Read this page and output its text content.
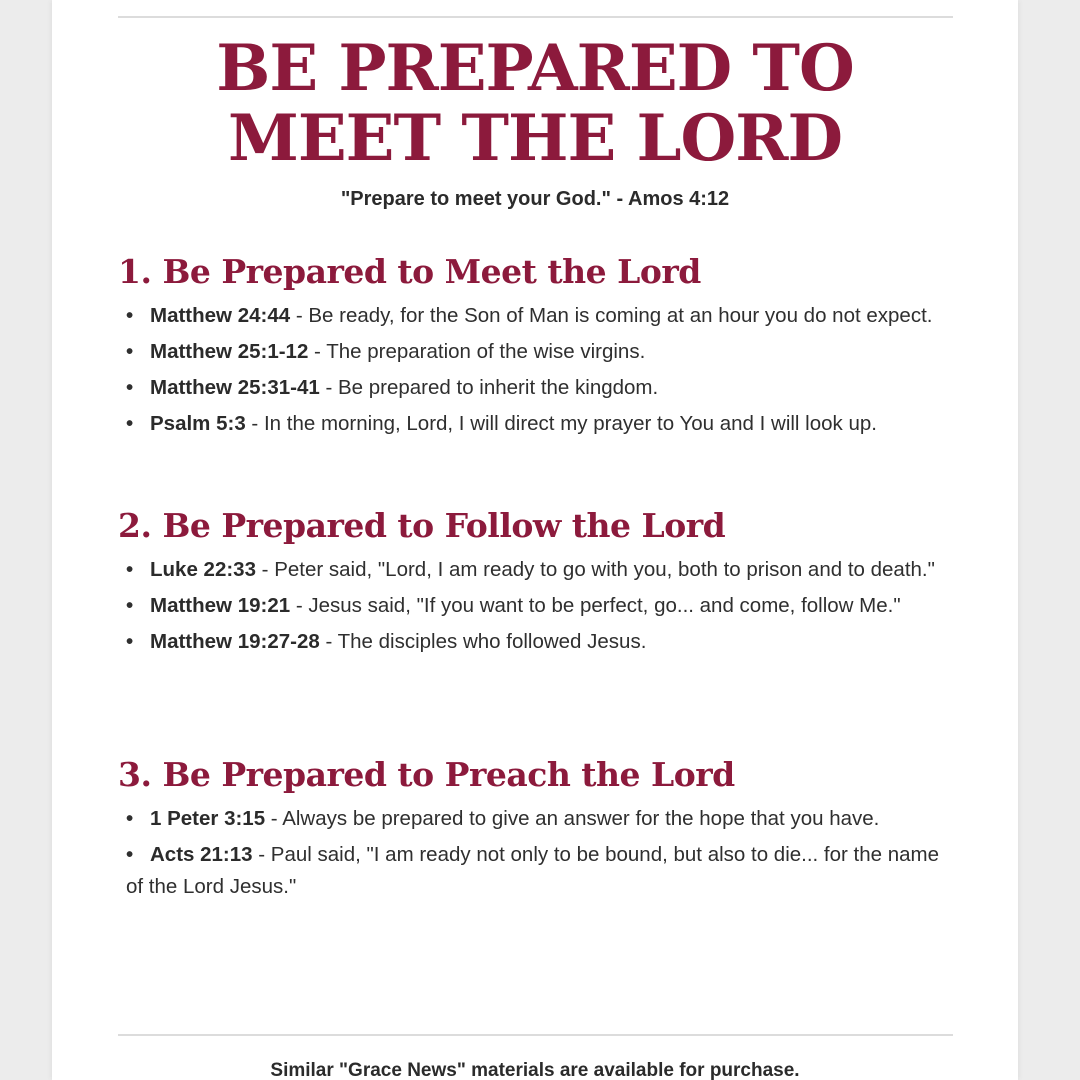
BE PREPARED TO
MEET THE LORD

"Prepare to meet your God." - Amos 4:12

1. Be Prepared to Meet the Lord
• Matthew 24:44 - Be ready, for the Son of Man is coming at an hour you do not expect.
• Matthew 25:1-12 - The preparation of the wise virgins.
• Matthew 25:31-41 - Be prepared to inherit the kingdom.
• Psalm 5:3 - In the morning, Lord, I will direct my prayer to You and I will look up.
2. Be Prepared to Follow the Lord
• Luke 22:33 - Peter said, "Lord, I am ready to go with you, both to prison and to death."
• Matthew 19:21 - Jesus said, "If you want to be perfect, go... and come, follow Me."
• Matthew 19:27-28 - The disciples who followed Jesus.
3. Be Prepared to Preach the Lord
• 1 Peter 3:15 - Always be prepared to give an answer for the hope that you have.
• Acts 21:13 - Paul said, "I am ready not only to be bound, but also to die... for the name of the Lord Jesus."

Similar "Grace News" materials are available for purchase.
